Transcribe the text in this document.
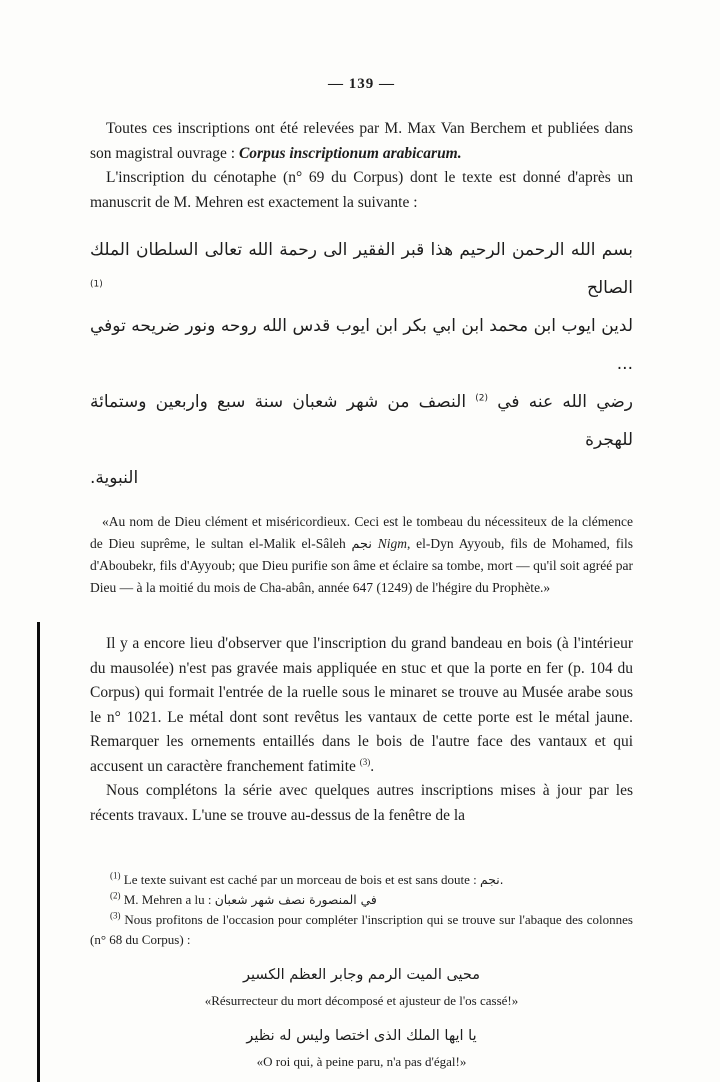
— 139 —

Toutes ces inscriptions ont été relevées par M. Max Van Berchem et publiées dans son magistral ouvrage : Corpus inscriptionum arabicarum.

L'inscription du cénotaphe (n° 69 du Corpus) dont le texte est donné d'après un manuscrit de M. Mehren est exactement la suivante :

بسم الله الرحمن الرحيم هذا قبر الفقير الى رحمة الله تعالى السلطان الملك الصالح $^{(1)}$
لدين ايوب ابن محمد ابن ابي بكر ابن ايوب قدس الله روحه ونور ضريحه توفي ...
رضي الله عنه في $^{(2)}$ النصف من شهر شعبان سنة سبع واربعين وستمائة للهجرة
النبوية.

«Au nom de Dieu clément et miséricordieux. Ceci est le tombeau du nécessiteux de la clémence de Dieu suprême, le sultan el-Malik el-Sâleh نجم Nigm, el-Dyn Ayyoub, fils de Mohamed, fils d'Aboubekr, fils d'Ayyoub; que Dieu purifie son âme et éclaire sa tombe, mort — qu'il soit agréé par Dieu — à la moitié du mois de Cha-abân, année 647 (1249) de l'hégire du Prophète.»

Il y a encore lieu d'observer que l'inscription du grand bandeau en bois (à l'intérieur du mausolée) n'est pas gravée mais appliquée en stuc et que la porte en fer (p. 104 du Corpus) qui formait l'entrée de la ruelle sous le minaret se trouve au Musée arabe sous le n° 1021. Le métal dont sont revêtus les vantaux de cette porte est le métal jaune. Remarquer les ornements entaillés dans le bois de l'autre face des vantaux et qui accusent un caractère franchement fatimite $^{(3)}$.

Nous complétons la série avec quelques autres inscriptions mises à jour par les récents travaux. L'une se trouve au-dessus de la fenêtre de la

$^{(1)}$ Le texte suivant est caché par un morceau de bois et est sans doute : نجم.

$^{(2)}$ M. Mehren a lu : في المنصورة نصف شهر شعبان

$^{(3)}$ Nous profitons de l'occasion pour compléter l'inscription qui se trouve sur l'abaque des colonnes (n° 68 du Corpus) :

محيى الميت الرمم وجابر العظم الكسير
«Résurrecteur du mort décomposé et ajusteur de l'os cassé!»
يا ايها الملك الذى اختصا وليس له نظير
«O roi qui, à peine paru, n'a pas d'égal!»
